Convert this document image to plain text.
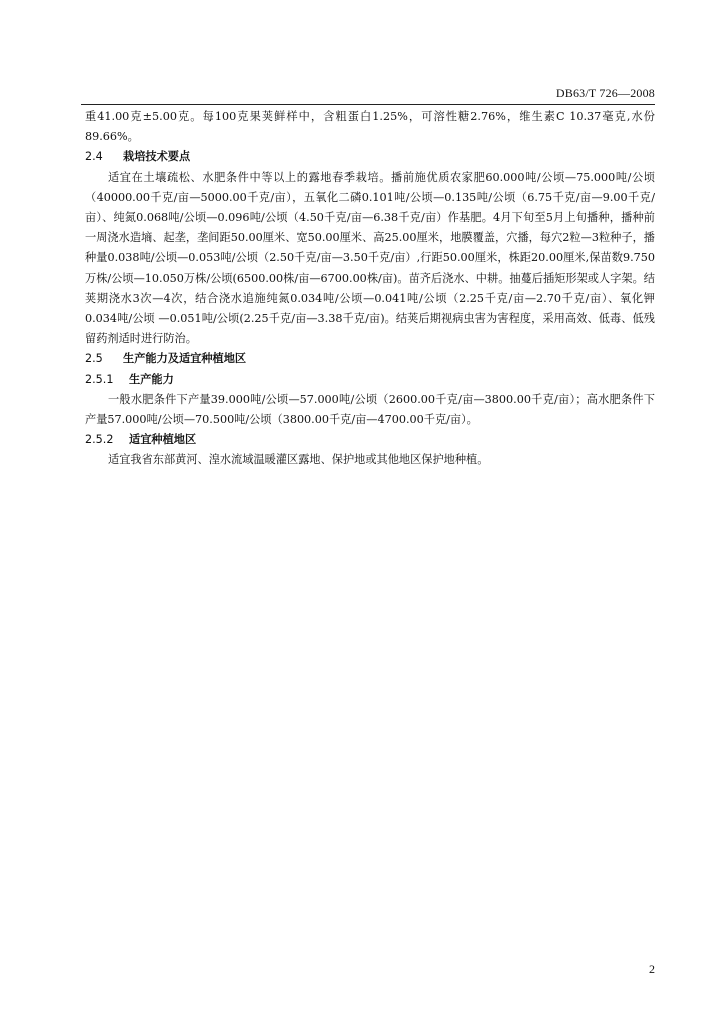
DB63/T 726—2008

重41.00克±5.00克。每100克果荚鲜样中，含粗蛋白1.25%，可溶性糖2.76%，维生素C 10.37毫克,水份89.66%。

2.4 栽培技术要点

适宜在土壤疏松、水肥条件中等以上的露地春季栽培。播前施优质农家肥60.000吨/公顷—75.000吨/公顷（40000.00千克/亩—5000.00千克/亩），五氧化二磷0.101吨/公顷—0.135吨/公顷（6.75千克/亩—9.00千克/亩）、纯氮0.068吨/公顷—0.096吨/公顷（4.50千克/亩—6.38千克/亩）作基肥。4月下旬至5月上旬播种，播种前一周浇水造墒、起垄，垄间距50.00厘米、宽50.00厘米、高25.00厘米，地膜覆盖，穴播，每穴2粒—3粒种子，播种量0.038吨/公顷—0.053吨/公顷（2.50千克/亩—3.50千克/亩）,行距50.00厘米，株距20.00厘米,保苗数9.750万株/公顷—10.050万株/公顷(6500.00株/亩—6700.00株/亩)。苗齐后浇水、中耕。抽蔓后插矩形架或人字架。结荚期浇水3次—4次，结合浇水追施纯氮0.034吨/公顷—0.041吨/公顷（2.25千克/亩—2.70千克/亩）、氧化钾0.034吨/公顷 —0.051吨/公顷(2.25千克/亩—3.38千克/亩)。结荚后期视病虫害为害程度，采用高效、低毒、低残留药剂适时进行防治。

2.5 生产能力及适宜种植地区
2.5.1 生产能力

一般水肥条件下产量39.000吨/公顷—57.000吨/公顷（2600.00千克/亩—3800.00千克/亩）；高水肥条件下产量57.000吨/公顷—70.500吨/公顷（3800.00千克/亩—4700.00千克/亩）。

2.5.2 适宜种植地区

适宜我省东部黄河、湟水流域温暖灌区露地、保护地或其他地区保护地种植。

2
